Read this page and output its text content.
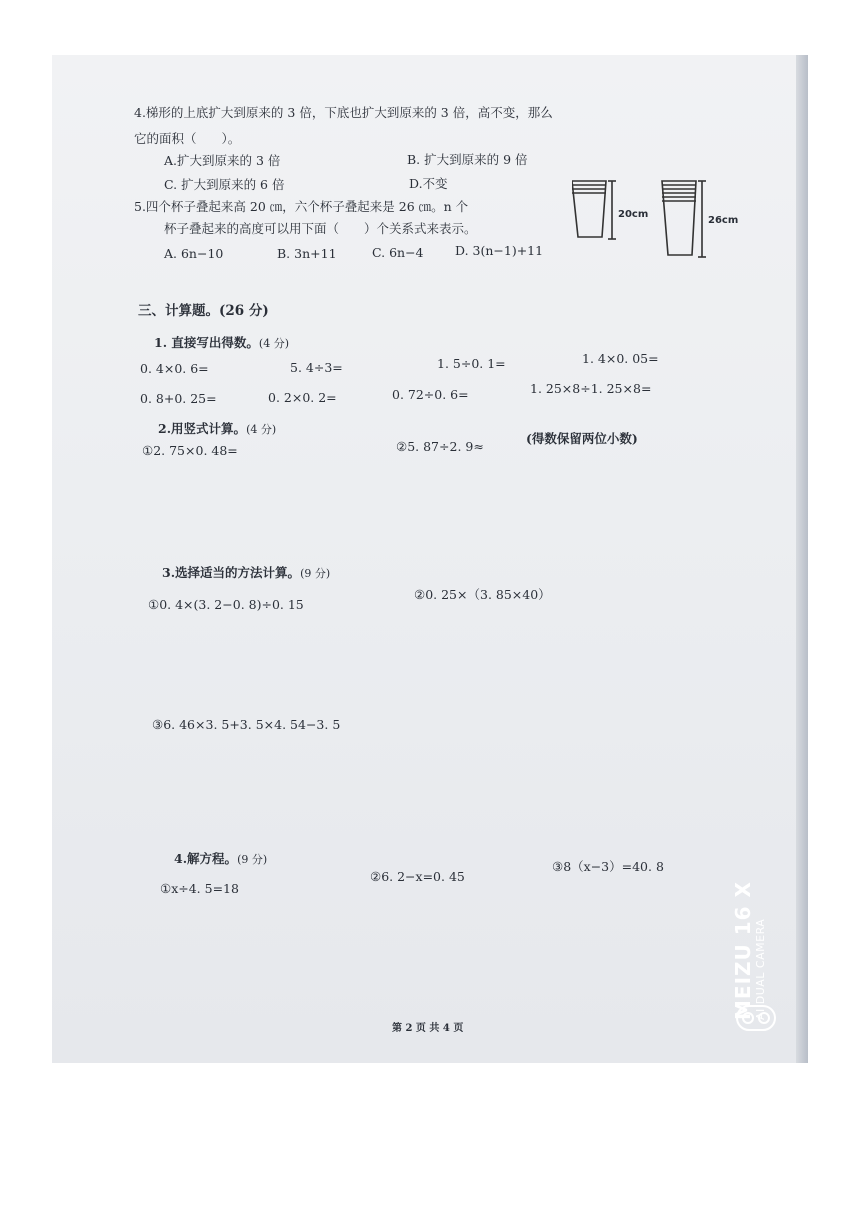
4.梯形的上底扩大到原来的 3 倍，下底也扩大到原来的 3 倍，高不变，那么
它的面积（　　）。
A.扩大到原来的 3 倍	B. 扩大到原来的 9 倍
C. 扩大到原来的 6 倍	D.不变
5.四个杯子叠起来高 20 ㎝，六个杯子叠起来是 26 ㎝。n 个
杯子叠起来的高度可以用下面（　　）个关系式来表示。
A. 6n−10	B. 3n+11	C. 6n−4	D. 3(n−1)+11
20cm
26cm
三、计算题。(26 分)
1. 直接写出得数。(4 分)
0. 4×0. 6=	5. 4÷3=	1. 5÷0. 1=	1. 4×0. 05=
0. 8+0. 25=	0. 2×0. 2=	0. 72÷0. 6=	1. 25×8÷1. 25×8=
2.用竖式计算。(4 分)
①2. 75×0. 48=	②5. 87÷2. 9≈
(得数保留两位小数)
3.选择适当的方法计算。(9 分)
①0. 4×(3. 2−0. 8)÷0. 15
②0. 25×（3. 85×40）
③6. 46×3. 5+3. 5×4. 54−3. 5
4.解方程。(9 分)
①x÷4. 5=18
②6. 2−x=0. 45
③8（x−3）=40. 8
第 2 页 共 4 页
MEIZU 16 X AI DUAL CAMERA
